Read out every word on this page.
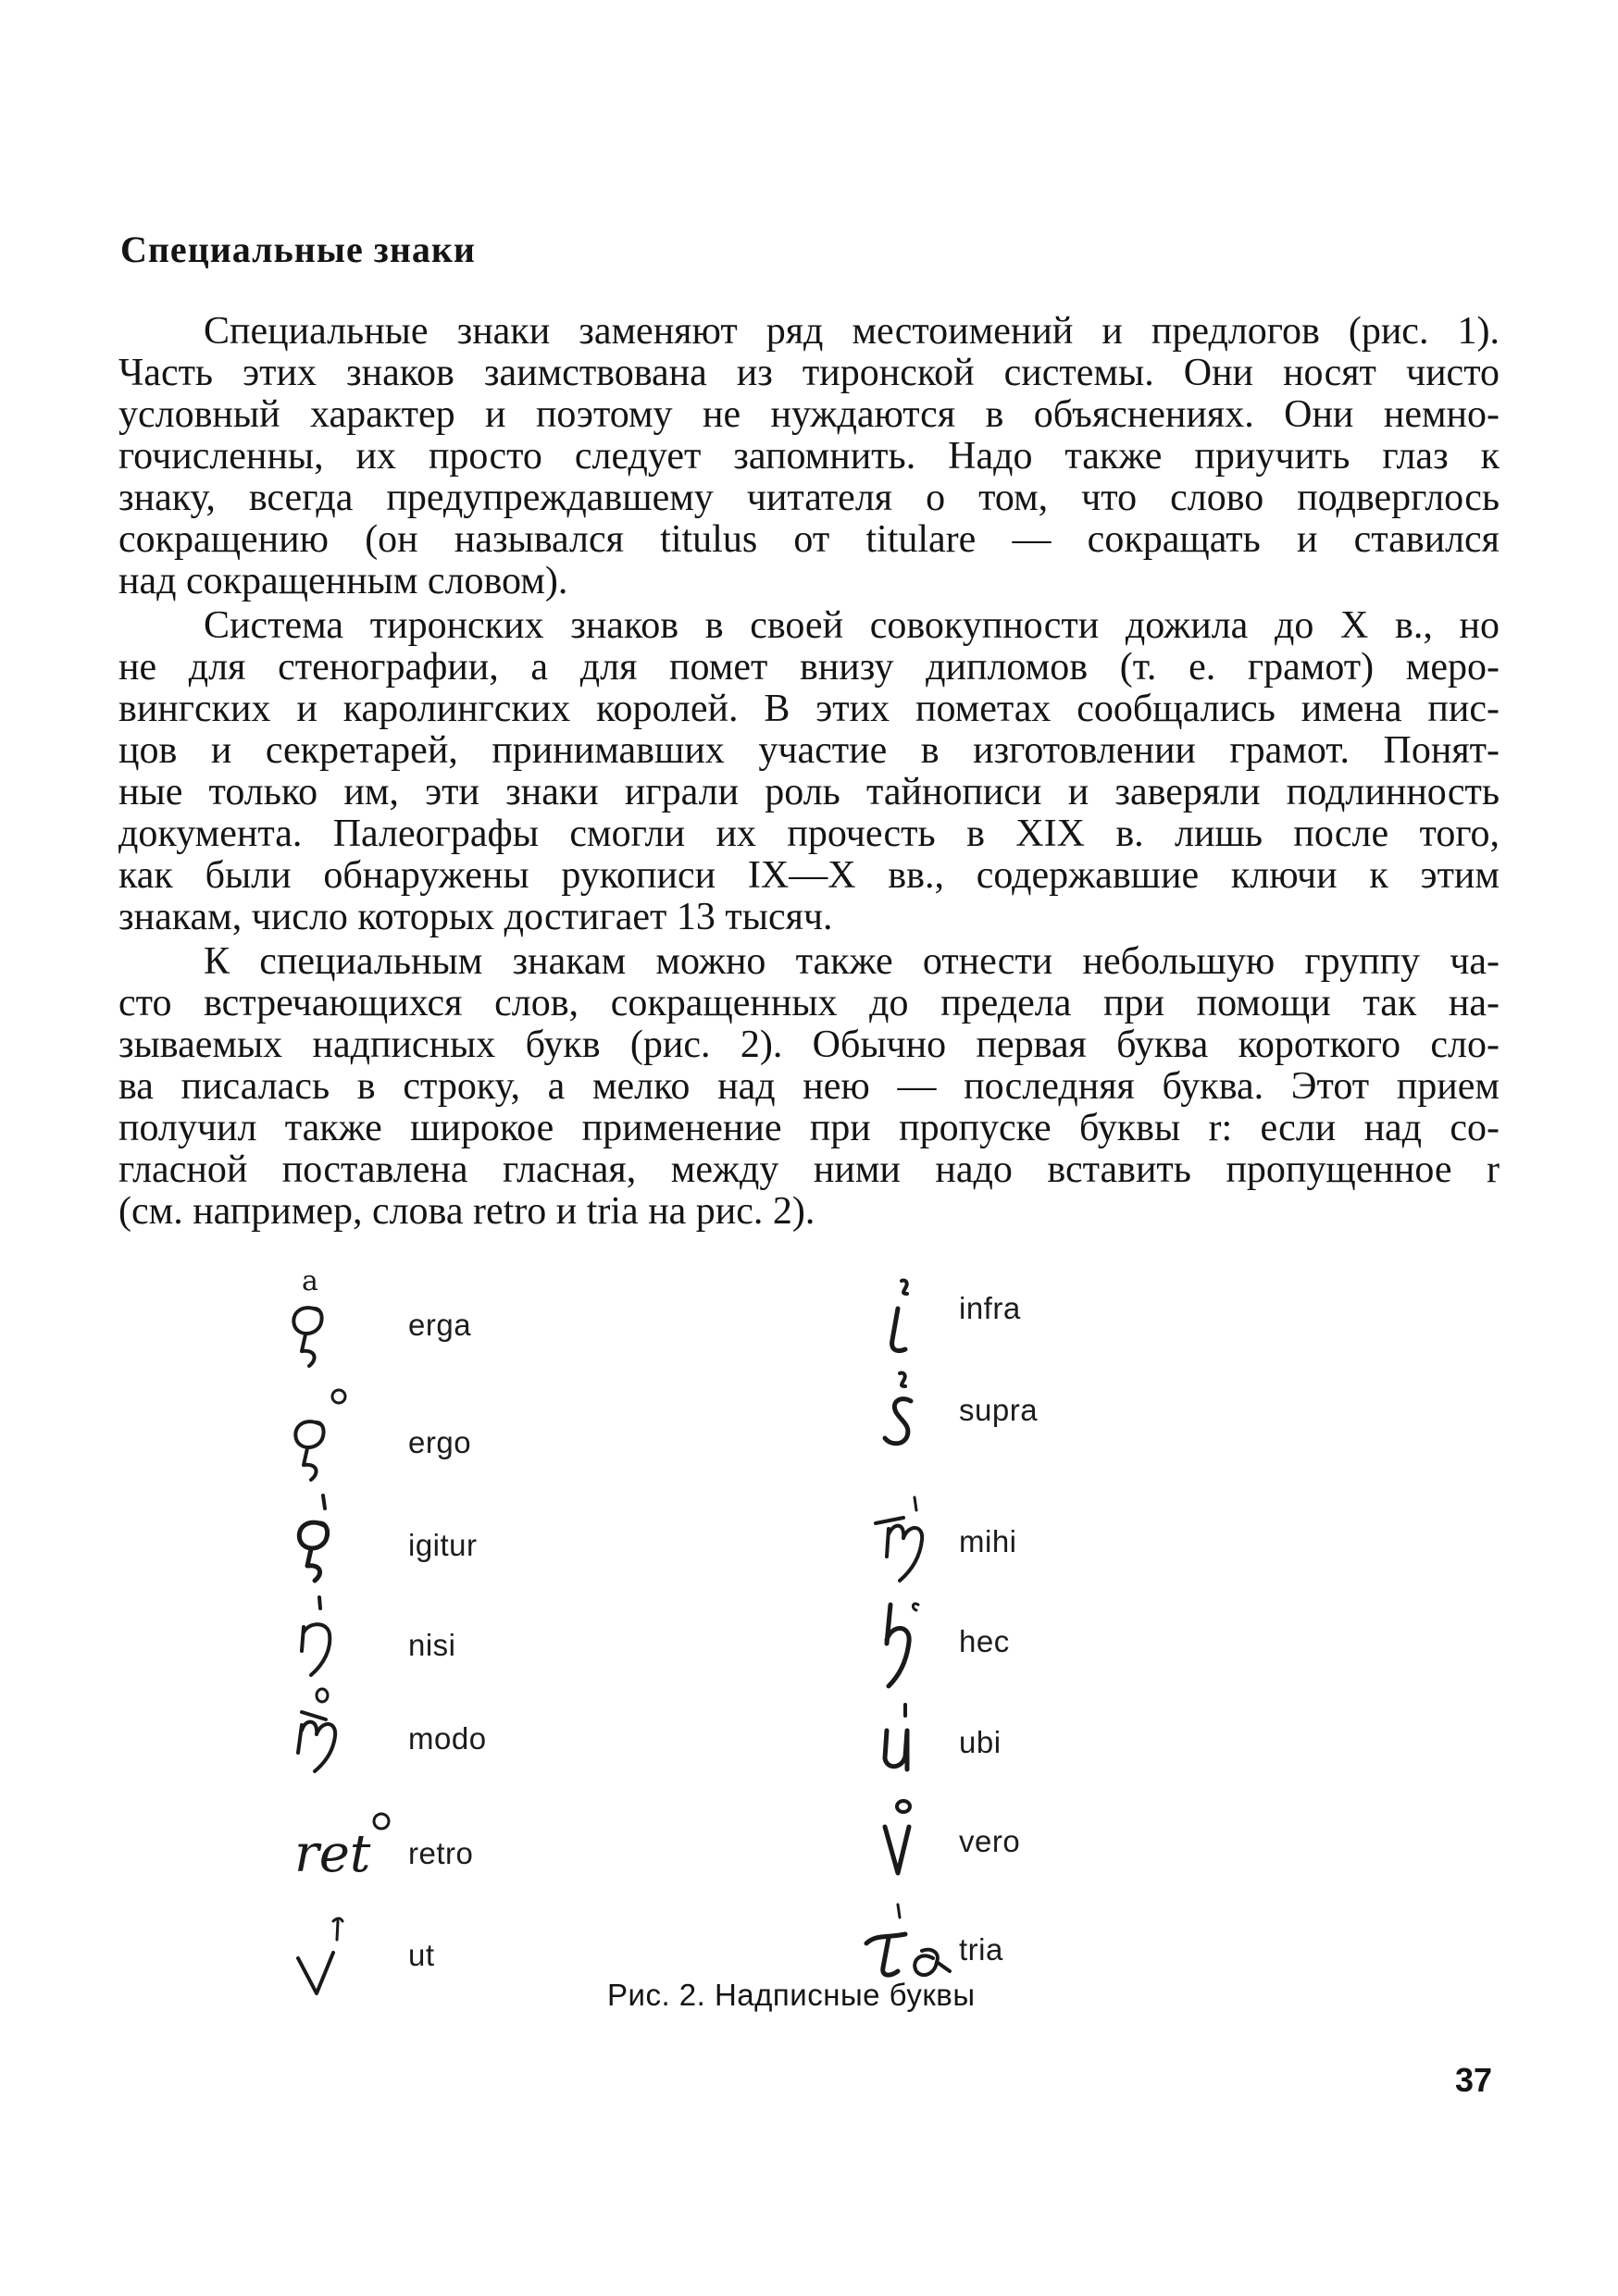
Специальные знаки

Специальные знаки заменяют ряд местоимений и предлогов (рис. 1).
Часть этих знаков заимствована из тиронской системы. Они носят чисто
условный характер и поэтому не нуждаются в объяснениях. Они немно-
гочисленны, их просто следует запомнить. Надо также приучить глаз к
знаку, всегда предупреждавшему читателя о том, что слово подверглось
сокращению (он назывался titulus от titulare — сокращать и ставился
над сокращенным словом).

Система тиронских знаков в своей совокупности дожила до X в., но
не для стенографии, а для помет внизу дипломов (т. е. грамот) меро-
вингских и каролингских королей. В этих пометах сообщались имена пис-
цов и секретарей, принимавших участие в изготовлении грамот. Понят-
ные только им, эти знаки играли роль тайнописи и заверяли подлинность
документа. Палеографы смогли их прочесть в XIX в. лишь после того,
как были обнаружены рукописи IX—X вв., содержавшие ключи к этим
знакам, число которых достигает 13 тысяч.

К специальным знакам можно также отнести небольшую группу ча-
сто встречающихся слов, сокращенных до предела при помощи так на-
зываемых надписных букв (рис. 2). Обычно первая буква короткого сло-
ва писалась в строку, а мелко над нею — последняя буква. Этот прием
получил также широкое применение при пропуске буквы r: если над со-
гласной поставлена гласная, между ними надо вставить пропущенное r
(см. например, слова retro и tria на рис. 2).

a
erga
ergo
igitur
nisi
modo
ret retro
ut
infra
supra
mihi
hec
ubi
vero
tria

Рис. 2. Надписные буквы

37
